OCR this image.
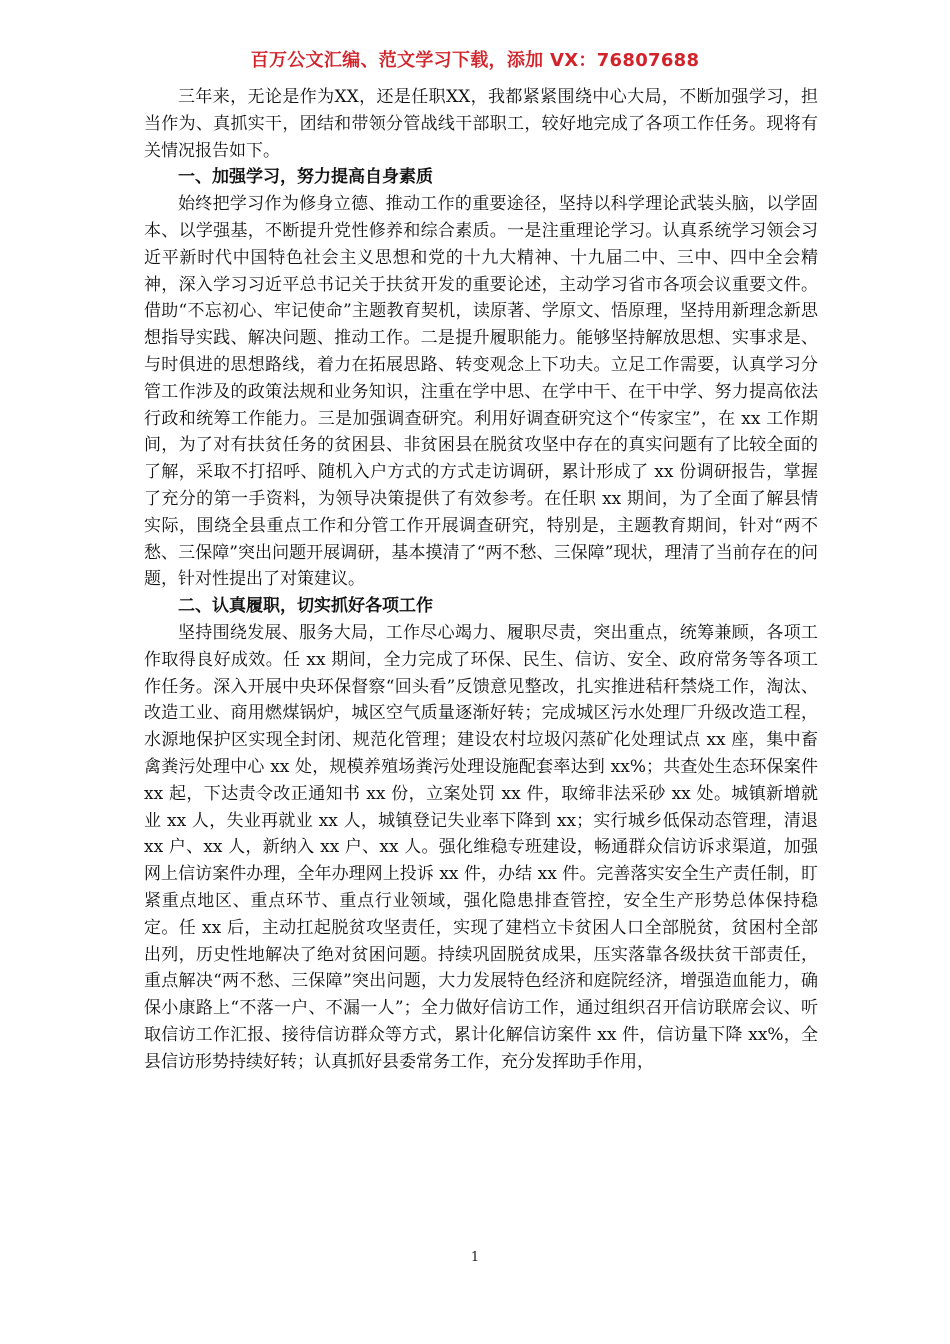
百万公文汇编、范文学习下载，添加 VX：76807688

三年来，无论是作为XX，还是任职XX，我都紧紧围绕中心大局，不断加强学习，担当作为、真抓实干，团结和带领分管战线干部职工，较好地完成了各项工作任务。现将有关情况报告如下。

一、加强学习，努力提高自身素质

始终把学习作为修身立德、推动工作的重要途径，坚持以科学理论武装头脑，以学固本、以学强基，不断提升党性修养和综合素质。一是注重理论学习。认真系统学习领会习近平新时代中国特色社会主义思想和党的十九大精神、十九届二中、三中、四中全会精神，深入学习习近平总书记关于扶贫开发的重要论述，主动学习省市各项会议重要文件。借助“不忘初心、牢记使命”主题教育契机，读原著、学原文、悟原理，坚持用新理念新思想指导实践、解决问题、推动工作。二是提升履职能力。能够坚持解放思想、实事求是、与时俱进的思想路线，着力在拓展思路、转变观念上下功夫。立足工作需要，认真学习分管工作涉及的政策法规和业务知识，注重在学中思、在学中干、在干中学、努力提高依法行政和统筹工作能力。三是加强调查研究。利用好调查研究这个“传家宝”，在 xx 工作期间，为了对有扶贫任务的贫困县、非贫困县在脱贫攻坚中存在的真实问题有了比较全面的了解，采取不打招呼、随机入户方式的方式走访调研，累计形成了 xx 份调研报告，掌握了充分的第一手资料，为领导决策提供了有效参考。在任职 xx 期间，为了全面了解县情实际，围绕全县重点工作和分管工作开展调查研究，特别是，主题教育期间，针对“两不愁、三保障”突出问题开展调研，基本摸清了“两不愁、三保障”现状，理清了当前存在的问题，针对性提出了对策建议。

二、认真履职，切实抓好各项工作

坚持围绕发展、服务大局，工作尽心竭力、履职尽责，突出重点，统筹兼顾，各项工作取得良好成效。任 xx 期间，全力完成了环保、民生、信访、安全、政府常务等各项工作任务。深入开展中央环保督察“回头看”反馈意见整改，扎实推进秸秆禁烧工作，淘汰、改造工业、商用燃煤锅炉，城区空气质量逐渐好转；完成城区污水处理厂升级改造工程，水源地保护区实现全封闭、规范化管理；建设农村垃圾闪蒸矿化处理试点 xx 座，集中畜禽粪污处理中心 xx 处，规模养殖场粪污处理设施配套率达到 xx%；共查处生态环保案件 xx 起，下达责令改正通知书 xx 份，立案处罚 xx 件，取缔非法采砂 xx 处。城镇新增就业 xx 人，失业再就业 xx 人，城镇登记失业率下降到 xx；实行城乡低保动态管理，清退 xx 户、xx 人，新纳入 xx 户、xx 人。强化维稳专班建设，畅通群众信访诉求渠道，加强网上信访案件办理，全年办理网上投诉 xx 件，办结 xx 件。完善落实安全生产责任制，盯紧重点地区、重点环节、重点行业领域，强化隐患排查管控，安全生产形势总体保持稳定。任 xx 后，主动扛起脱贫攻坚责任，实现了建档立卡贫困人口全部脱贫，贫困村全部出列，历史性地解决了绝对贫困问题。持续巩固脱贫成果，压实落靠各级扶贫干部责任，重点解决“两不愁、三保障”突出问题，大力发展特色经济和庭院经济，增强造血能力，确保小康路上“不落一户、不漏一人”；全力做好信访工作，通过组织召开信访联席会议、听取信访工作汇报、接待信访群众等方式，累计化解信访案件 xx 件，信访量下降 xx%，全县信访形势持续好转；认真抓好县委常务工作，充分发挥助手作用，

1
